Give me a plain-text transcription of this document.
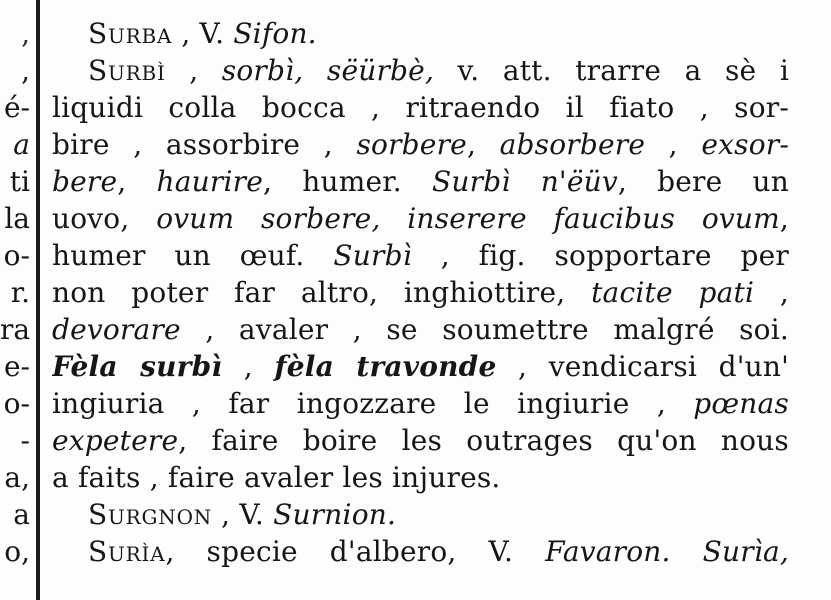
,
,
é-
a
ti
la
o-
r.
ra
e-
o-
-
a,
a
o,
Surba , V. Sifon.
Surbì , sorbì, sëürbè, v. att. trarre a sè i
liquidi colla bocca , ritraendo il fiato , sor-
bire , assorbire , sorbere, absorbere , exsor-
bere, haurire, humer. Surbì n'ëüv, bere un
uovo, ovum sorbere, inserere faucibus ovum,
humer un œuf. Surbì , fig. sopportare per
non poter far altro, inghiottire, tacite pati ,
devorare , avaler , se soumettre malgré soi.
Fèla surbì , fèla travonde , vendicarsi d'un'
ingiuria , far ingozzare le ingiurie , pœnas
expetere, faire boire les outrages qu'on nous
a faits , faire avaler les injures.
Surgnon , V. Surnion.
Surìa, specie d'albero, V. Favaron. Surìa,
